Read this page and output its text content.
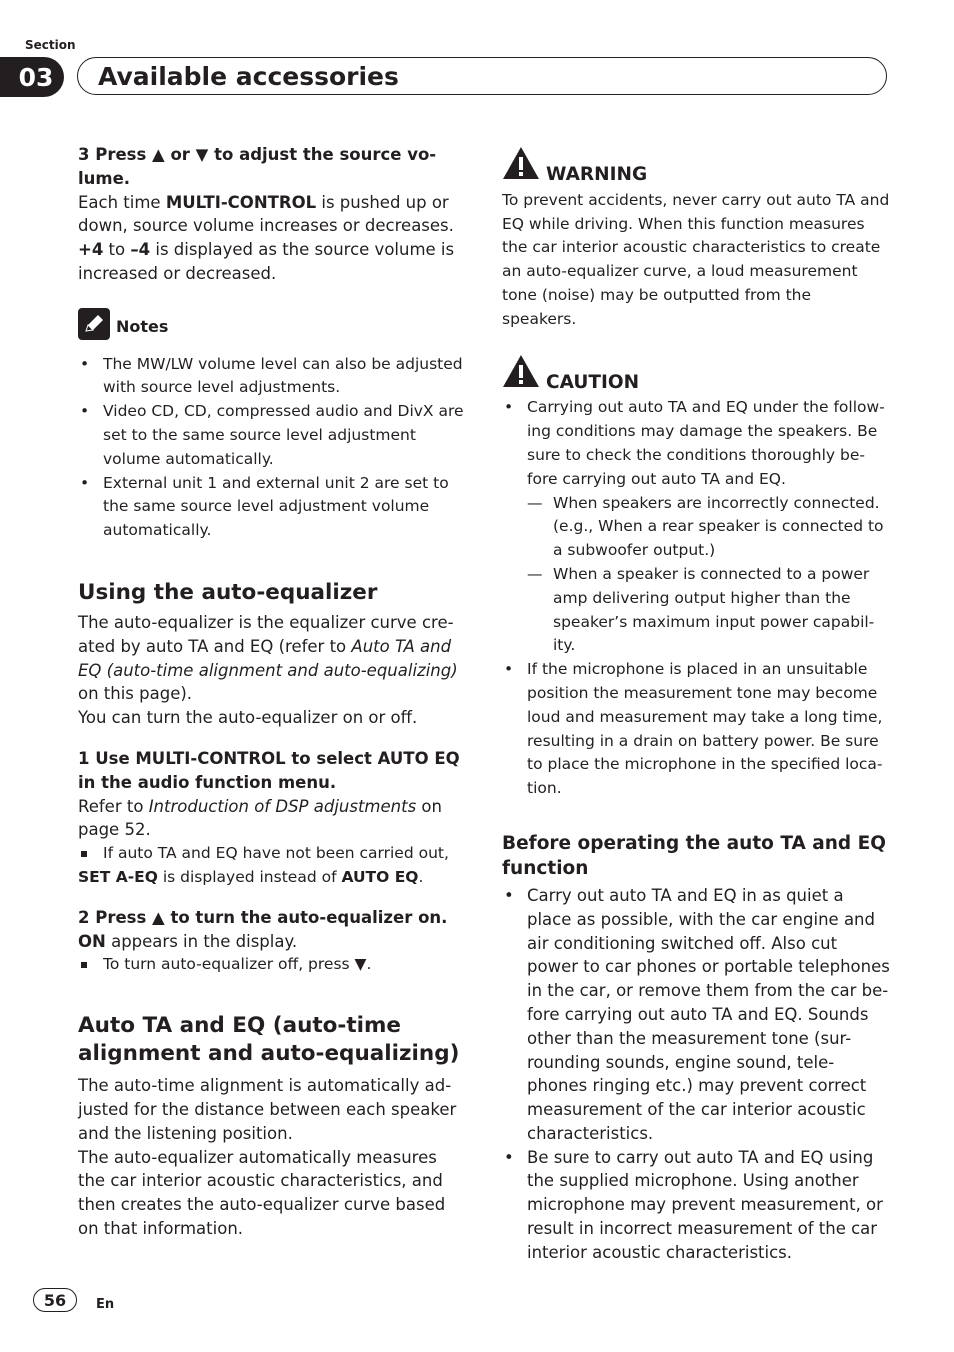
Section
03	Available accessories

3 Press ▲ or ▼ to adjust the source vo-lume.

Each time MULTI-CONTROL is pushed up or down, source volume increases or decreases.

+4 to –4 is displayed as the source volume is increased or decreased.

Notes
• The MW/LW volume level can also be adjusted with source level adjustments.
• Video CD, CD, compressed audio and DivX are set to the same source level adjustment volume automatically.
• External unit 1 and external unit 2 are set to the same source level adjustment volume automatically.

Using the auto-equalizer

The auto-equalizer is the equalizer curve cre-ated by auto TA and EQ (refer to Auto TA and EQ (auto-time alignment and auto-equalizing) on this page).

You can turn the auto-equalizer on or off.

1 Use MULTI-CONTROL to select AUTO EQ in the audio function menu.

Refer to Introduction of DSP adjustments on page 52.

If auto TA and EQ have not been carried out, SET A-EQ is displayed instead of AUTO EQ.

2 Press ▲ to turn the auto-equalizer on.

ON appears in the display.

To turn auto-equalizer off, press ▼.

Auto TA and EQ (auto-time alignment and auto-equalizing)

The auto-time alignment is automatically ad-justed for the distance between each speaker and the listening position.

The auto-equalizer automatically measures the car interior acoustic characteristics, and then creates the auto-equalizer curve based on that information.

WARNING

To prevent accidents, never carry out auto TA and EQ while driving. When this function measures the car interior acoustic characteristics to create an auto-equalizer curve, a loud measurement tone (noise) may be outputted from the speakers.

CAUTION
• Carrying out auto TA and EQ under the follow-ing conditions may damage the speakers. Be sure to check the conditions thoroughly be-fore carrying out auto TA and EQ.
— When speakers are incorrectly connected. (e.g., When a rear speaker is connected to a subwoofer output.)
— When a speaker is connected to a power amp delivering output higher than the speaker’s maximum input power capabil-ity.
• If the microphone is placed in an unsuitable position the measurement tone may become loud and measurement may take a long time, resulting in a drain on battery power. Be sure to place the microphone in the specified loca-tion.

Before operating the auto TA and EQ function

• Carry out auto TA and EQ in as quiet a place as possible, with the car engine and air conditioning switched off. Also cut power to car phones or portable telephones in the car, or remove them from the car be-fore carrying out auto TA and EQ. Sounds other than the measurement tone (sur-rounding sounds, engine sound, tele-phones ringing etc.) may prevent correct measurement of the car interior acoustic characteristics.
• Be sure to carry out auto TA and EQ using the supplied microphone. Using another microphone may prevent measurement, or result in incorrect measurement of the car interior acoustic characteristics.
56	En
